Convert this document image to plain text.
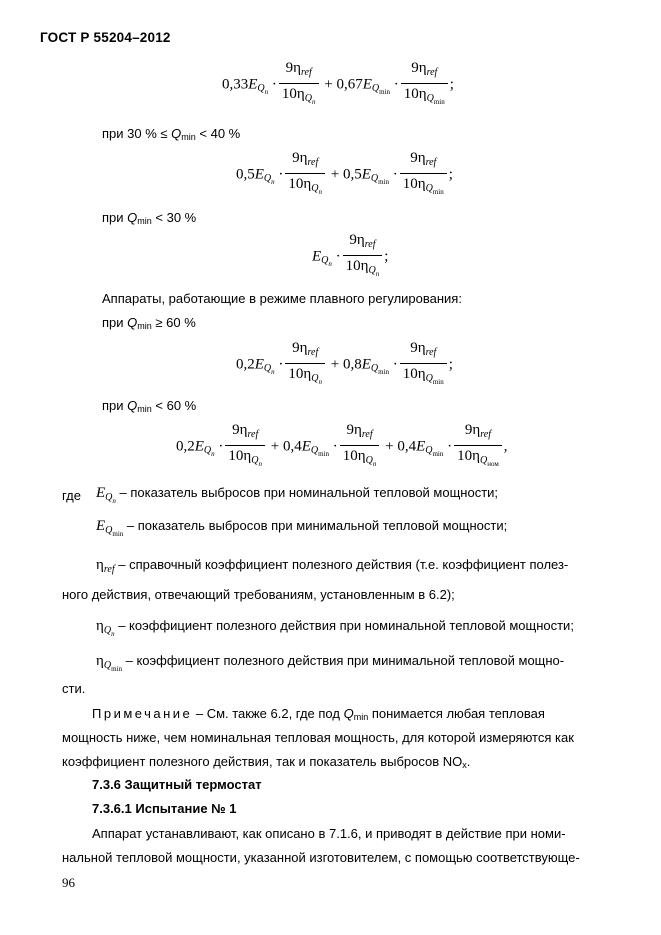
ГОСТ Р 55204–2012
$0,33E_{Q_n} \cdot \frac{9\eta_{ref}}{10\eta_{Q_n}} + 0,67E_{Q_{min}} \cdot \frac{9\eta_{ref}}{10\eta_{Q_{min}}}$ ;
при 30 % ≤ Qmin < 40 %
$0,5E_{Q_n} \cdot \frac{9\eta_{ref}}{10\eta_{Q_n}} + 0,5E_{Q_{min}} \cdot \frac{9\eta_{ref}}{10\eta_{Q_{min}}}$ ;
при Qmin < 30 %
$E_{Q_n} \cdot \frac{9\eta_{ref}}{10\eta_{Q_n}}$ ;
Аппараты, работающие в режиме плавного регулирования:
при Qmin ≥ 60 %
$0,2E_{Q_n} \cdot \frac{9\eta_{ref}}{10\eta_{Q_n}} + 0,8E_{Q_{min}} \cdot \frac{9\eta_{ref}}{10\eta_{Q_{min}}}$ ;
при Qmin < 60 %
$0,2E_{Q_n} \cdot \frac{9\eta_{ref}}{10\eta_{Q_n}} + 0,4E_{Q_{min}} \cdot \frac{9\eta_{ref}}{10\eta_{Q_n}} + 0,4E_{Q_{min}} \cdot \frac{9\eta_{ref}}{10\eta_{Q_{ном}}}$ ,
где $E_{Q_n}$ – показатель выбросов при номинальной тепловой мощности;
$E_{Q_{min}}$ – показатель выбросов при минимальной тепловой мощности;
$\eta_{ref}$ – справочный коэффициент полезного действия (т.е. коэффициент полез-
ного действия, отвечающий требованиям, установленным в 6.2);
$\eta_{Q_n}$ – коэффициент полезного действия при номинальной тепловой мощности;
$\eta_{Q_{min}}$ – коэффициент полезного действия при минимальной тепловой мощно-
сти.
Примечание – См. также 6.2, где под Qmin понимается любая тепловая
мощность ниже, чем номинальная тепловая мощность, для которой измеряются как
коэффициент полезного действия, так и показатель выбросов NOx.
7.3.6 Защитный термостат
7.3.6.1 Испытание № 1
Аппарат устанавливают, как описано в 7.1.6, и приводят в действие при номи-
нальной тепловой мощности, указанной изготовителем, с помощью соответствующе-
96
